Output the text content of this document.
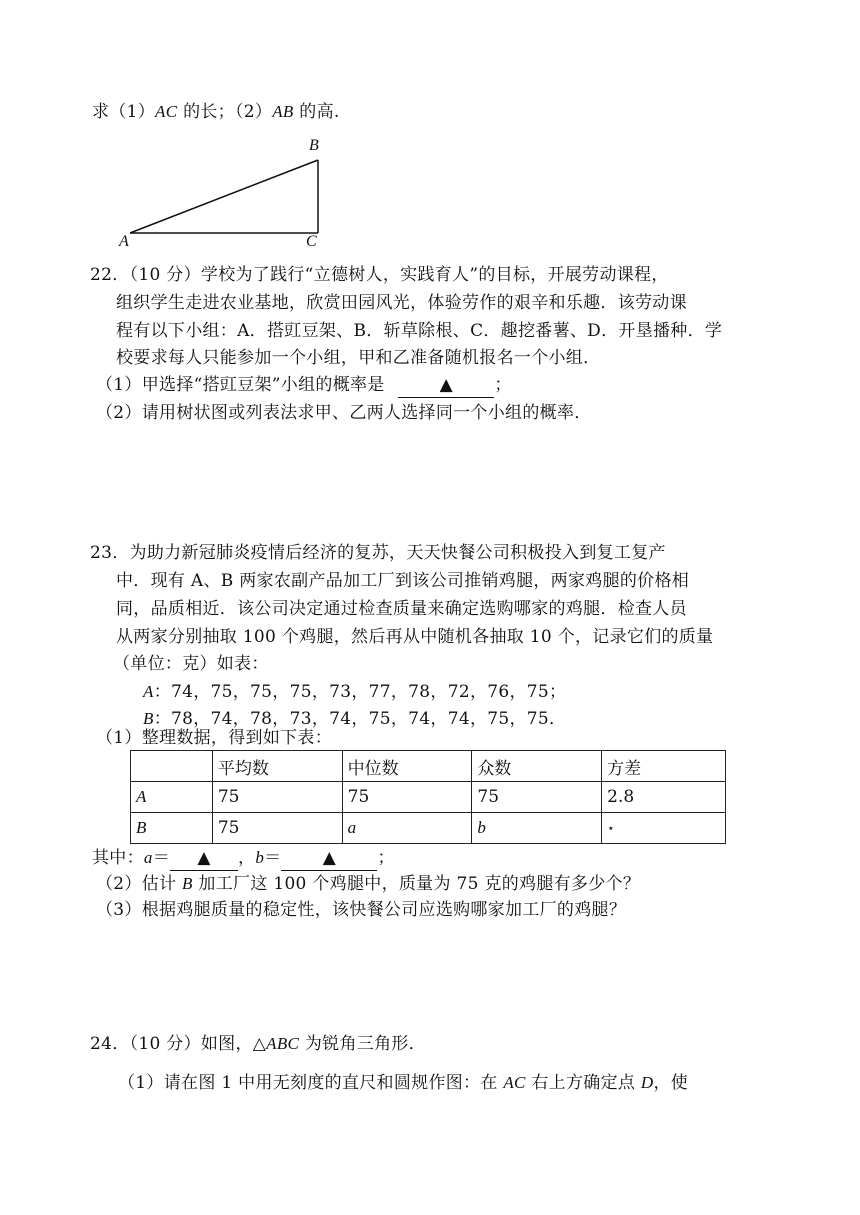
求（1）AC 的长；（2）AB 的高.
B
A	C
22．（10 分）学校为了践行“立德树人，实践育人”的目标，开展劳动课程，
组织学生走进农业基地，欣赏田园风光，体验劳作的艰辛和乐趣．该劳动课
程有以下小组：A．搭豇豆架、B．斩草除根、C．趣挖番薯、D．开垦播种．学
校要求每人只能参加一个小组，甲和乙准备随机报名一个小组．
（1）甲选择“搭豇豆架”小组的概率是	▲ ；
（2）请用树状图或列表法求甲、乙两人选择同一个小组的概率．
23．为助力新冠肺炎疫情后经济的复苏，天天快餐公司积极投入到复工复产
中．现有 A、B 两家农副产品加工厂到该公司推销鸡腿，两家鸡腿的价格相
同，品质相近．该公司决定通过检查质量来确定选购哪家的鸡腿．检查人员
从两家分别抽取 100 个鸡腿，然后再从中随机各抽取 10 个，记录它们的质量
（单位：克）如表：
A：74，75，75，75，73，77，78，72，76，75；
B：78，74，78，73，74，75，74，74，75，75．
（1）整理数据，得到如下表：
	平均数	中位数	众数	方差
A	75	75	75	2.8
B	75	a	b	⋆
其中：a＝ ▲ ，b＝ ▲ ；
（2）估计 B 加工厂这 100 个鸡腿中，质量为 75 克的鸡腿有多少个？
（3）根据鸡腿质量的稳定性，该快餐公司应选购哪家加工厂的鸡腿？
24．（10 分）如图，△ABC 为锐角三角形．
（1）请在图 1 中用无刻度的直尺和圆规作图：在 AC 右上方确定点 D，使
